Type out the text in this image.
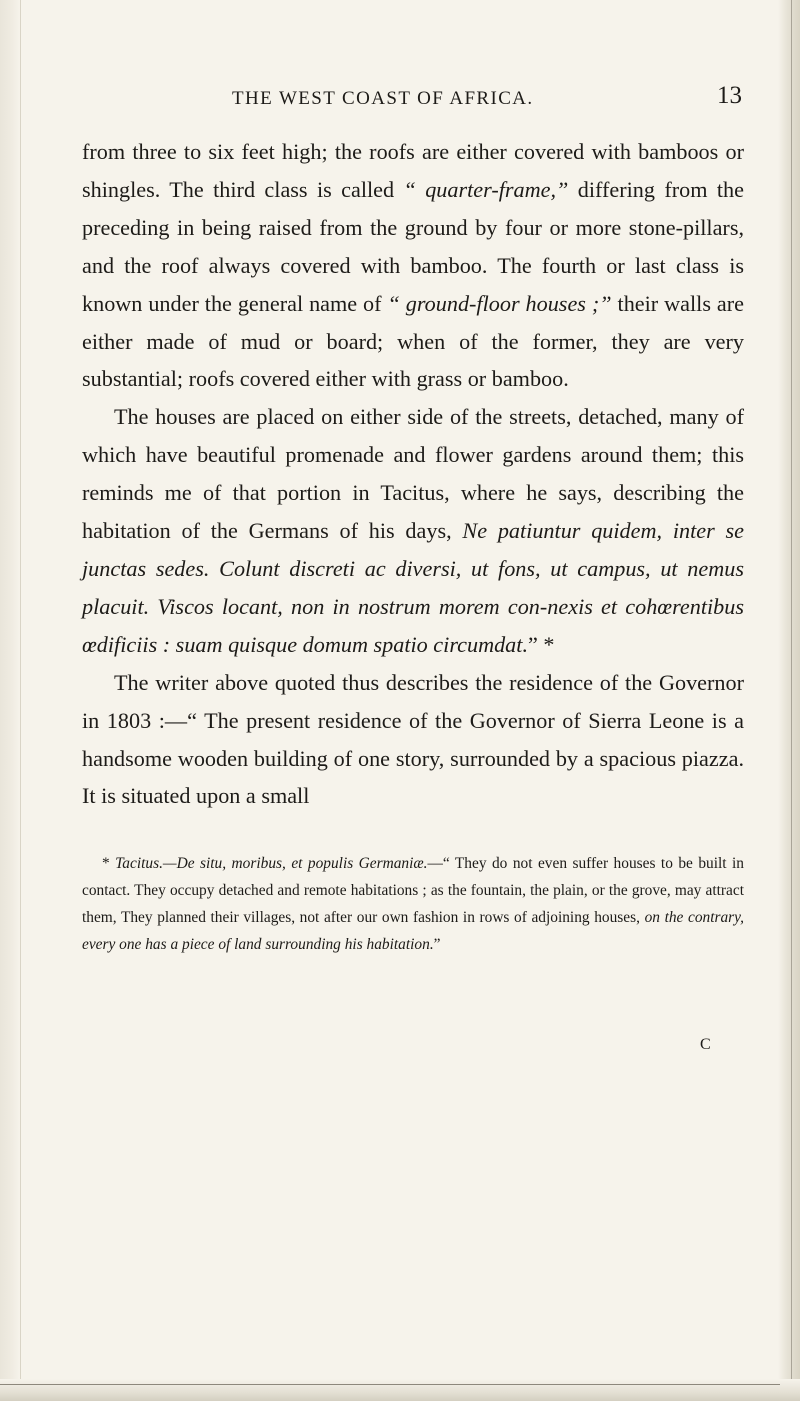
THE WEST COAST OF AFRICA.	13

from three to six feet high; the roofs are either covered with bamboos or shingles. The third class is called “ quarter-frame,” differing from the preceding in being raised from the ground by four or more stone-pillars, and the roof always covered with bamboo. The fourth or last class is known under the general name of “ ground-floor houses ;” their walls are either made of mud or board; when of the former, they are very substantial; roofs covered either with grass or bamboo.

The houses are placed on either side of the streets, detached, many of which have beautiful promenade and flower gardens around them; this reminds me of that portion in Tacitus, where he says, describing the habitation of the Germans of his days, Ne patiuntur quidem, inter se junctas sedes. Colunt discreti ac diversi, ut fons, ut campus, ut nemus placuit. Viscos locant, non in nostrum morem con-nexis et cohœrentibus œdificiis : suam quisque domum spatio circumdat.” *

The writer above quoted thus describes the residence of the Governor in 1803 :—“ The present residence of the Governor of Sierra Leone is a handsome wooden building of one story, surrounded by a spacious piazza. It is situated upon a small

* Tacitus.—De situ, moribus, et populis Germaniæ.—“ They do not even suffer houses to be built in contact. They occupy detached and remote habitations ; as the fountain, the plain, or the grove, may attract them, They planned their villages, not after our own fashion in rows of adjoining houses, on the contrary, every one has a piece of land surrounding his habitation.”

C
